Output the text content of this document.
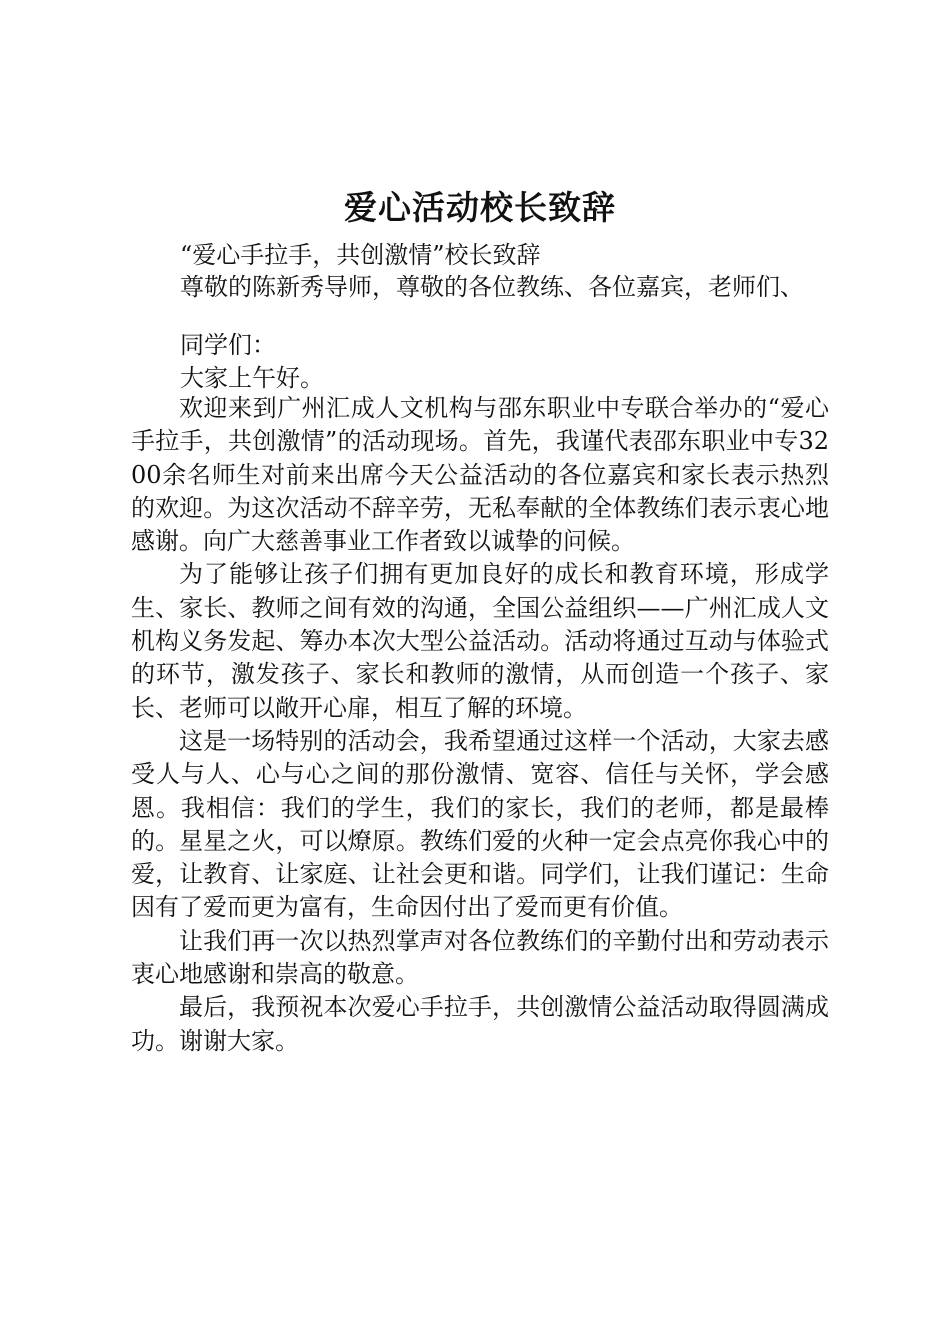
爱心活动校长致辞

“爱心手拉手，共创激情”校长致辞

尊敬的陈新秀导师，尊敬的各位教练、各位嘉宾，老师们、

同学们：

大家上午好。

欢迎来到广州汇成人文机构与邵东职业中专联合举办的“爱心手拉手，共创激情”的活动现场。首先，我谨代表邵东职业中专3200余名师生对前来出席今天公益活动的各位嘉宾和家长表示热烈的欢迎。为这次活动不辞辛劳，无私奉献的全体教练们表示衷心地感谢。向广大慈善事业工作者致以诚挚的问候。

为了能够让孩子们拥有更加良好的成长和教育环境，形成学生、家长、教师之间有效的沟通，全国公益组织——广州汇成人文机构义务发起、筹办本次大型公益活动。活动将通过互动与体验式的环节，激发孩子、家长和教师的激情，从而创造一个孩子、家长、老师可以敞开心扉，相互了解的环境。

这是一场特别的活动会，我希望通过这样一个活动，大家去感受人与人、心与心之间的那份激情、宽容、信任与关怀，学会感恩。我相信：我们的学生，我们的家长，我们的老师，都是最棒的。星星之火，可以燎原。教练们爱的火种一定会点亮你我心中的爱，让教育、让家庭、让社会更和谐。同学们，让我们谨记：生命因有了爱而更为富有，生命因付出了爱而更有价值。

让我们再一次以热烈掌声对各位教练们的辛勤付出和劳动表示衷心地感谢和崇高的敬意。

最后，我预祝本次爱心手拉手，共创激情公益活动取得圆满成功。谢谢大家。
